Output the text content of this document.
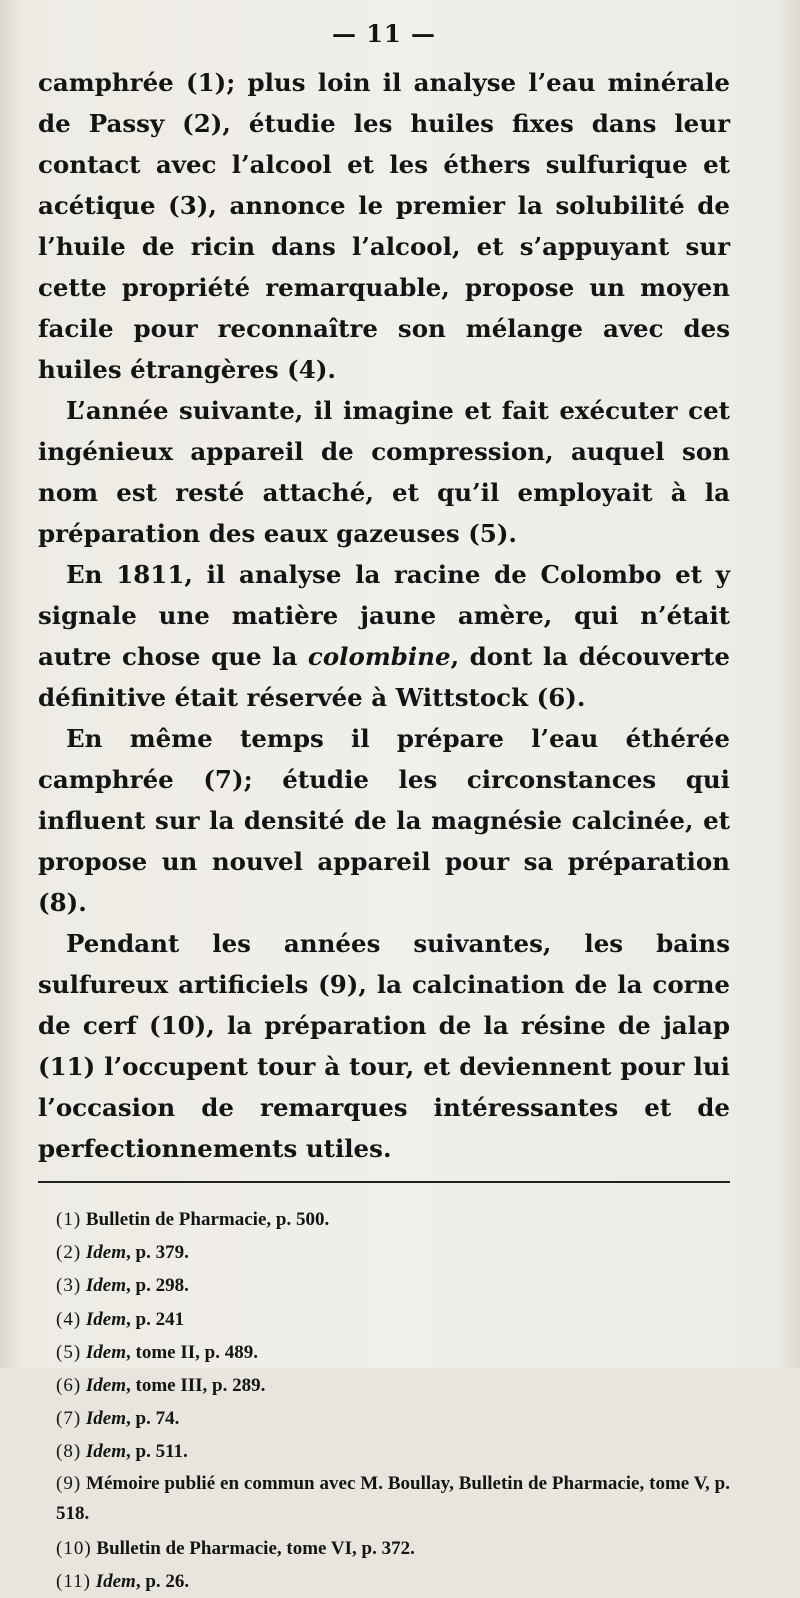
— 11 —

camphrée (1); plus loin il analyse l’eau minérale de Passy (2), étudie les huiles fixes dans leur contact avec l’alcool et les éthers sulfurique et acétique (3), annonce le premier la solubilité de l’huile de ricin dans l’alcool, et s’appuyant sur cette propriété remarquable, propose un moyen facile pour reconnaître son mélange avec des huiles étrangères (4).

L’année suivante, il imagine et fait exécuter cet ingénieux appareil de compression, auquel son nom est resté attaché, et qu’il employait à la préparation des eaux gazeuses (5).

En 1811, il analyse la racine de Colombo et y signale une matière jaune amère, qui n’était autre chose que la colombine, dont la découverte définitive était réservée à Wittstock (6).

En même temps il prépare l’eau éthérée camphrée (7); étudie les circonstances qui influent sur la densité de la magnésie calcinée, et propose un nouvel appareil pour sa préparation (8).

Pendant les années suivantes, les bains sulfureux artificiels (9), la calcination de la corne de cerf (10), la préparation de la résine de jalap (11) l’occupent tour à tour, et deviennent pour lui l’occasion de remarques intéressantes et de perfectionnements utiles.

(1) Bulletin de Pharmacie, p. 500.
(2) Idem, p. 379.
(3) Idem, p. 298.
(4) Idem, p. 241
(5) Idem, tome II, p. 489.
(6) Idem, tome III, p. 289.
(7) Idem, p. 74.
(8) Idem, p. 511.
(9) Mémoire publié en commun avec M. Boullay, Bulletin de Pharmacie, tome V, p. 518.
(10) Bulletin de Pharmacie, tome VI, p. 372.
(11) Idem, p. 26.
